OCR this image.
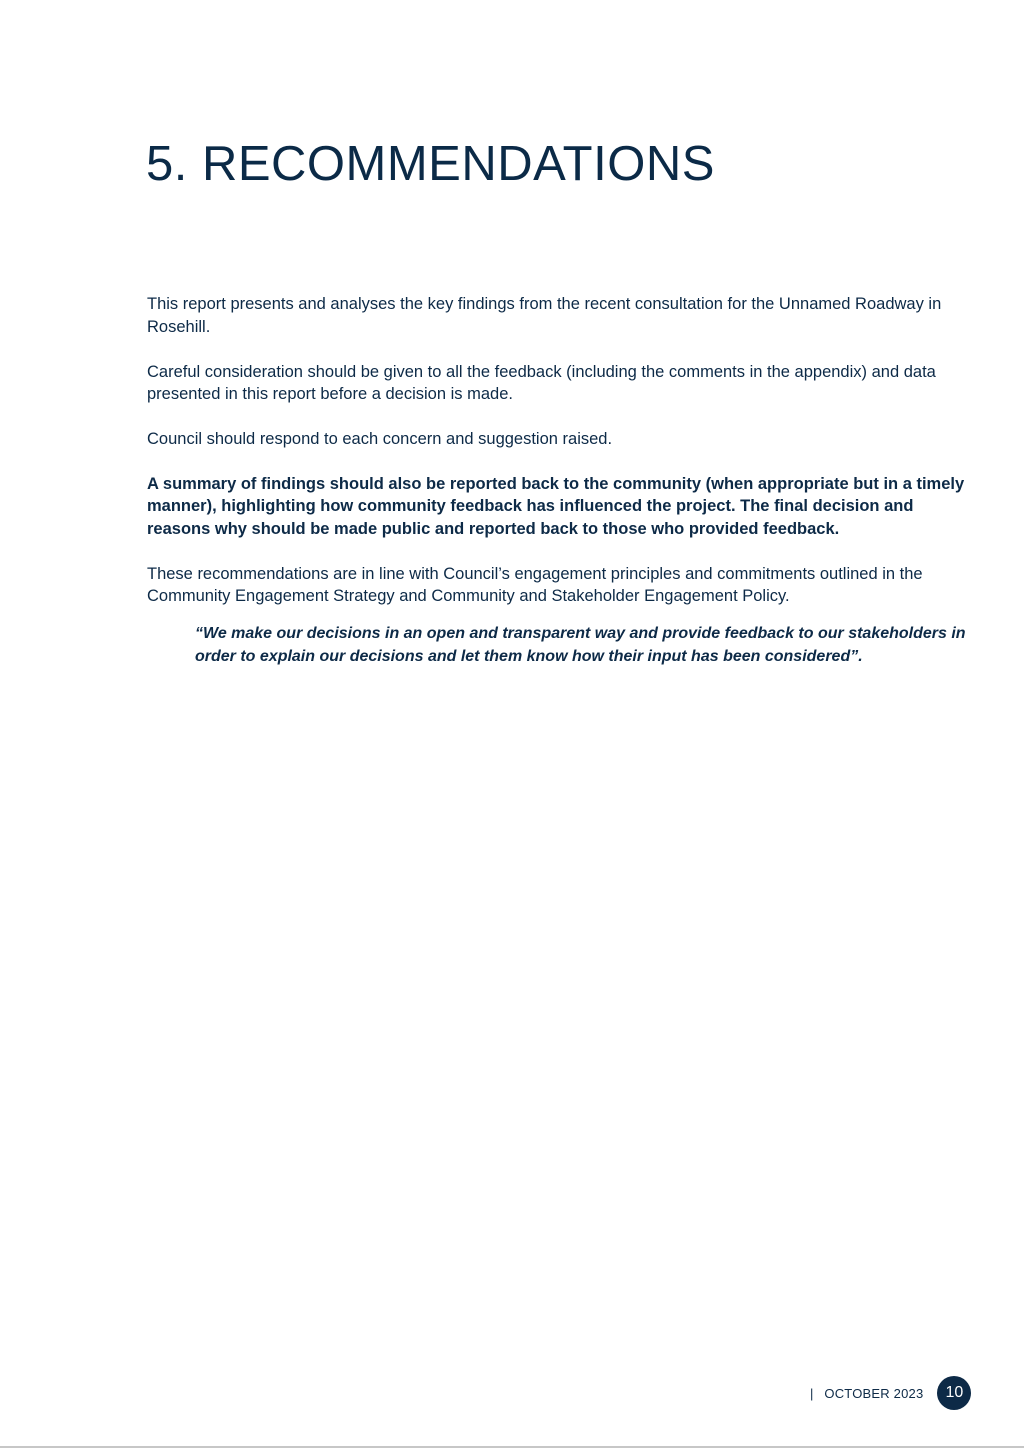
5. RECOMMENDATIONS

This report presents and analyses the key findings from the recent consultation for the Unnamed Roadway in Rosehill.

Careful consideration should be given to all the feedback (including the comments in the appendix) and data presented in this report before a decision is made.

Council should respond to each concern and suggestion raised.

A summary of findings should also be reported back to the community (when appropriate but in a timely manner), highlighting how community feedback has influenced the project. The final decision and reasons why should be made public and reported back to those who provided feedback.

These recommendations are in line with Council’s engagement principles and commitments outlined in the Community Engagement Strategy and Community and Stakeholder Engagement Policy.

“We make our decisions in an open and transparent way and provide feedback to our stakeholders in order to explain our decisions and let them know how their input has been considered”.

| OCTOBER 2023	10
